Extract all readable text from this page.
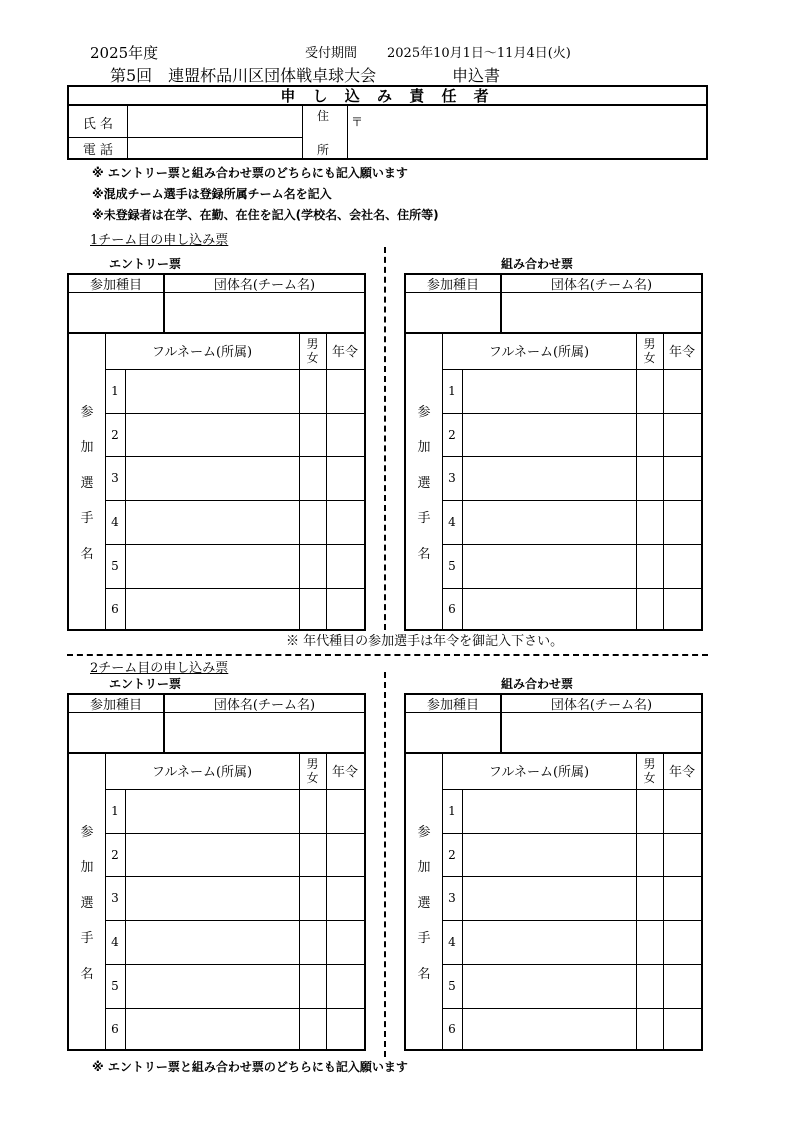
2025年度	受付期間 2025年10月1日～11月4日(火)
第5回　連盟杯品川区団体戦卓球大会	申込書
申 し 込 み 責 任 者
氏 名
電 話
住
所
〒
※ エントリー票と組み合わせ票のどちらにも記入願います
※混成チーム選手は登録所属チーム名を記入
※未登録者は在学、在勤、在住を記入(学校名、会社名、住所等)
1チーム目の申し込み票
※ 年代種目の参加選手は年令を御記入下さい。
2チーム目の申し込み票
※ エントリー票と組み合わせ票のどちらにも記入願います
エントリー票
参加種目	団体名(チーム名)
フルネーム(所属)
男
女	年令
1
2
3
4
5
6
参
加
選
手
名
組み合わせ票
参加種目	団体名(チーム名)
フルネーム(所属)
男
女	年令
1
2
3
4
5
6
参
加
選
手
名
エントリー票
参加種目	団体名(チーム名)
フルネーム(所属)
男
女	年令
1
2
3
4
5
6
参
加
選
手
名
組み合わせ票
参加種目	団体名(チーム名)
フルネーム(所属)
男
女	年令
1
2
3
4
5
6
参
加
選
手
名
